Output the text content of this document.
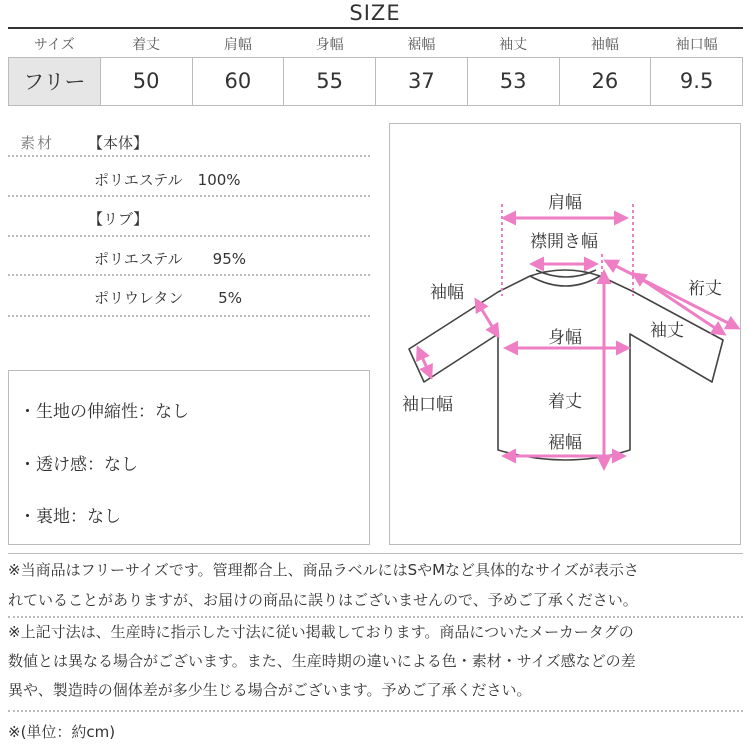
SIZE
サイズ	着丈	肩幅	身幅	裾幅	袖丈	袖幅	袖口幅
フリー	50	60	55	37	53	26	9.5
素材 【本体】
ポリエステル　100%
【リブ】
ポリエステル　　95%
ポリウレタン　　 5%
・生地の伸縮性：なし
・透け感：なし
・裏地：なし
肩幅
襟開き幅
袖幅	裄丈
袖丈
身幅
袖口幅	着丈
裾幅
※当商品はフリーサイズです。管理都合上、商品ラベルにはSやMなど具体的なサイズが表示さ
れていることがありますが、お届けの商品に誤りはございませんので、予めご了承ください。
※上記寸法は、生産時に指示した寸法に従い掲載しております。商品についたメーカータグの
数値とは異なる場合がございます。また、生産時期の違いによる色・素材・サイズ感などの差
異や、製造時の個体差が多少生じる場合がございます。予めご了承ください。
※(単位：約cm)
